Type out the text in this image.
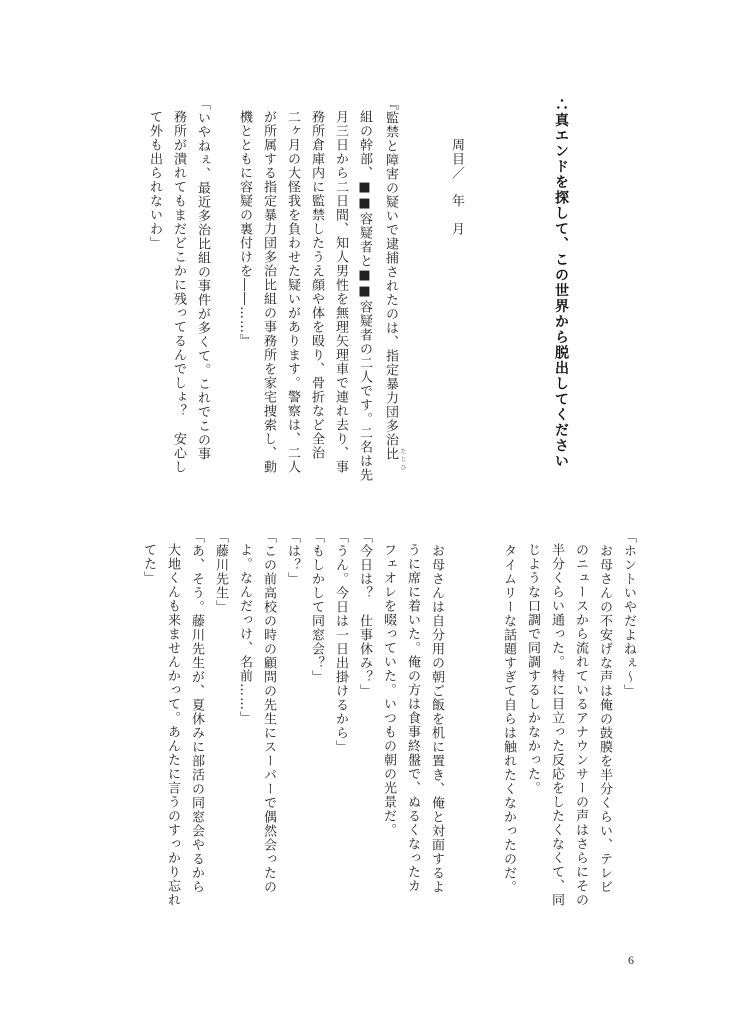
∴真エンドを探して、この世界から脱出してください
周目／　年　月
『監禁と障害の疑いで逮捕されたのは、指定暴力団多治比 たじひ
組の幹部、■■容疑者と■■容疑者の二人です。二名は先
月三日から二日間、知人男性を無理矢理車で連れ去り、事
務所倉庫内に監禁したうえ顔や体を殴り、骨折など全治
二ヶ月の大怪我を負わせた疑いがあります。警察は、二人
が所属する指定暴力団多治比組の事務所を家宅捜索し、動
機とともに容疑の裏付けを――……』
「いやねぇ、最近多治比組の事件が多くて。これでこの事
務所が潰れてもまだどこかに残ってるんでしょ？　安心し
て外も出られないわ」
「ホントいやだよねぇ～」
　お母さんの不安げな声は俺の鼓膜を半分くらい、テレビ
のニュースから流れているアナウンサーの声はさらにその
半分くらい通った。特に目立った反応をしたくなくて、同
じような口調で同調するしかなかった。
　タイムリーな話題すぎて自らは触れたくなかったのだ。
　お母さんは自分用の朝ご飯を机に置き、俺と対面するよ
うに席に着いた。俺の方は食事終盤で、ぬるくなったカ
フェオレを啜っていた。いつもの朝の光景だ。
「今日は？　仕事休み？」
「うん。今日は一日出掛けるから」
「もしかして同窓会？」
「は？」
「この前高校の時の顧問の先生にスーパーで偶然会ったの
よ。なんだっけ、名前……」
「藤川先生」
「あ、そう。藤川先生が、夏休みに部活の同窓会やるから
大地くんも来ませんかって。あんたに言うのすっかり忘れ
てた」
6
